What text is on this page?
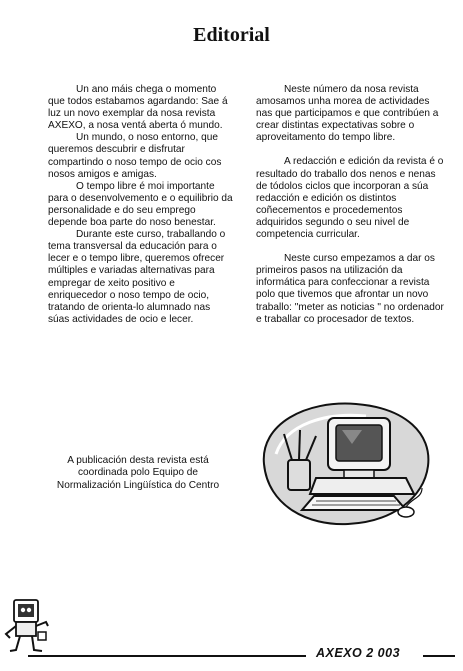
Editorial

Un ano máis chega o momento que todos estabamos agardando: Sae á luz un novo exemplar da nosa revista AXEXO, a nosa ventá aberta ó mundo.

Un mundo, o noso entorno, que queremos descubrir e disfrutar compartindo o noso tempo de ocio cos nosos amigos e amigas.

O tempo libre é moi importante para o desenvolvemento e o equilibrio da personalidade e do seu emprego depende boa parte do noso benestar.

Durante este curso, traballando o tema transversal da educación para o lecer e o tempo libre, queremos ofrecer múltiples e variadas alternativas para empregar de xeito positivo e enriquecedor o noso tempo de ocio, tratando de orienta-lo alumnado nas súas actividades de ocio e lecer.

Neste número da nosa revista amosamos unha morea de actividades nas que participamos e que contribúen a crear distintas expectativas sobre o aproveitamento do tempo libre.

A redacción e edición da revista é o resultado do traballo dos nenos e nenas de tódolos ciclos que incorporan a súa redacción e edición os distintos coñecementos e procedementos adquiridos segundo o seu nivel de competencia curricular.

Neste curso empezamos a dar os primeiros pasos na utilización da informática para confeccionar a revista polo que tivemos que afrontar un novo traballo: "meter as noticias " no ordenador e traballar co procesador de textos.

A publicación desta revista está
coordinada polo Equipo de
Normalización Lingüística do Centro
AXEXO 2 003
